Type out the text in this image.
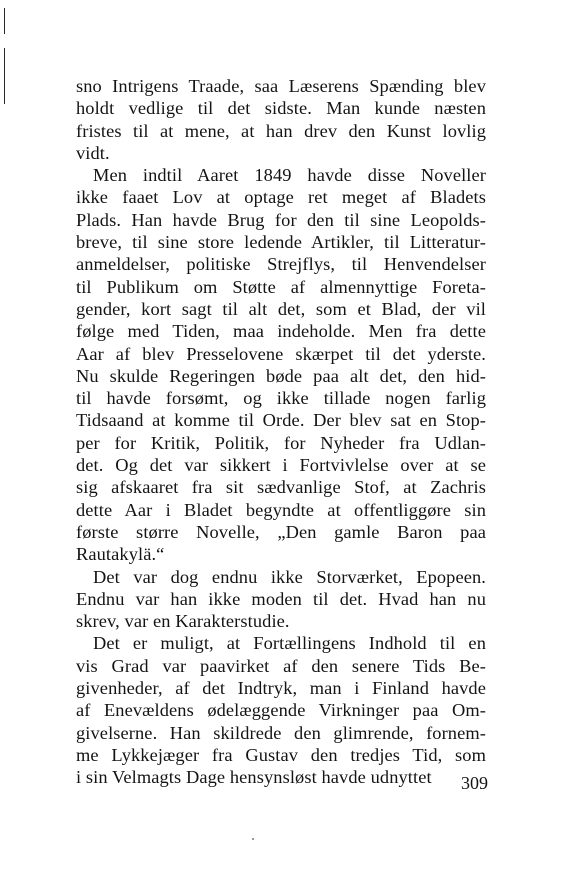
sno Intrigens Traade, saa Læserens Spænding blev
holdt vedlige til det sidste. Man kunde næsten
fristes til at mene, at han drev den Kunst lovlig
vidt.
Men indtil Aaret 1849 havde disse Noveller
ikke faaet Lov at optage ret meget af Bladets
Plads. Han havde Brug for den til sine Leopolds-
breve, til sine store ledende Artikler, til Litteratur-
anmeldelser, politiske Strejflys, til Henvendelser
til Publikum om Støtte af almennyttige Foreta-
gender, kort sagt til alt det, som et Blad, der vil
følge med Tiden, maa indeholde. Men fra dette
Aar af blev Presselovene skærpet til det yderste.
Nu skulde Regeringen bøde paa alt det, den hid-
til havde forsømt, og ikke tillade nogen farlig
Tidsaand at komme til Orde. Der blev sat en Stop-
per for Kritik, Politik, for Nyheder fra Udlan-
det. Og det var sikkert i Fortvivlelse over at se
sig afskaaret fra sit sædvanlige Stof, at Zachris
dette Aar i Bladet begyndte at offentliggøre sin
første større Novelle, „Den gamle Baron paa
Rautakylä.“
Det var dog endnu ikke Storværket, Epopeen.
Endnu var han ikke moden til det. Hvad han nu
skrev, var en Karakterstudie.
Det er muligt, at Fortællingens Indhold til en
vis Grad var paavirket af den senere Tids Be-
givenheder, af det Indtryk, man i Finland havde
af Enevældens ødelæggende Virkninger paa Om-
givelserne. Han skildrede den glimrende, fornem-
me Lykkejæger fra Gustav den tredjes Tid, som
i sin Velmagts Dage hensynsløst havde udnyttet	309
